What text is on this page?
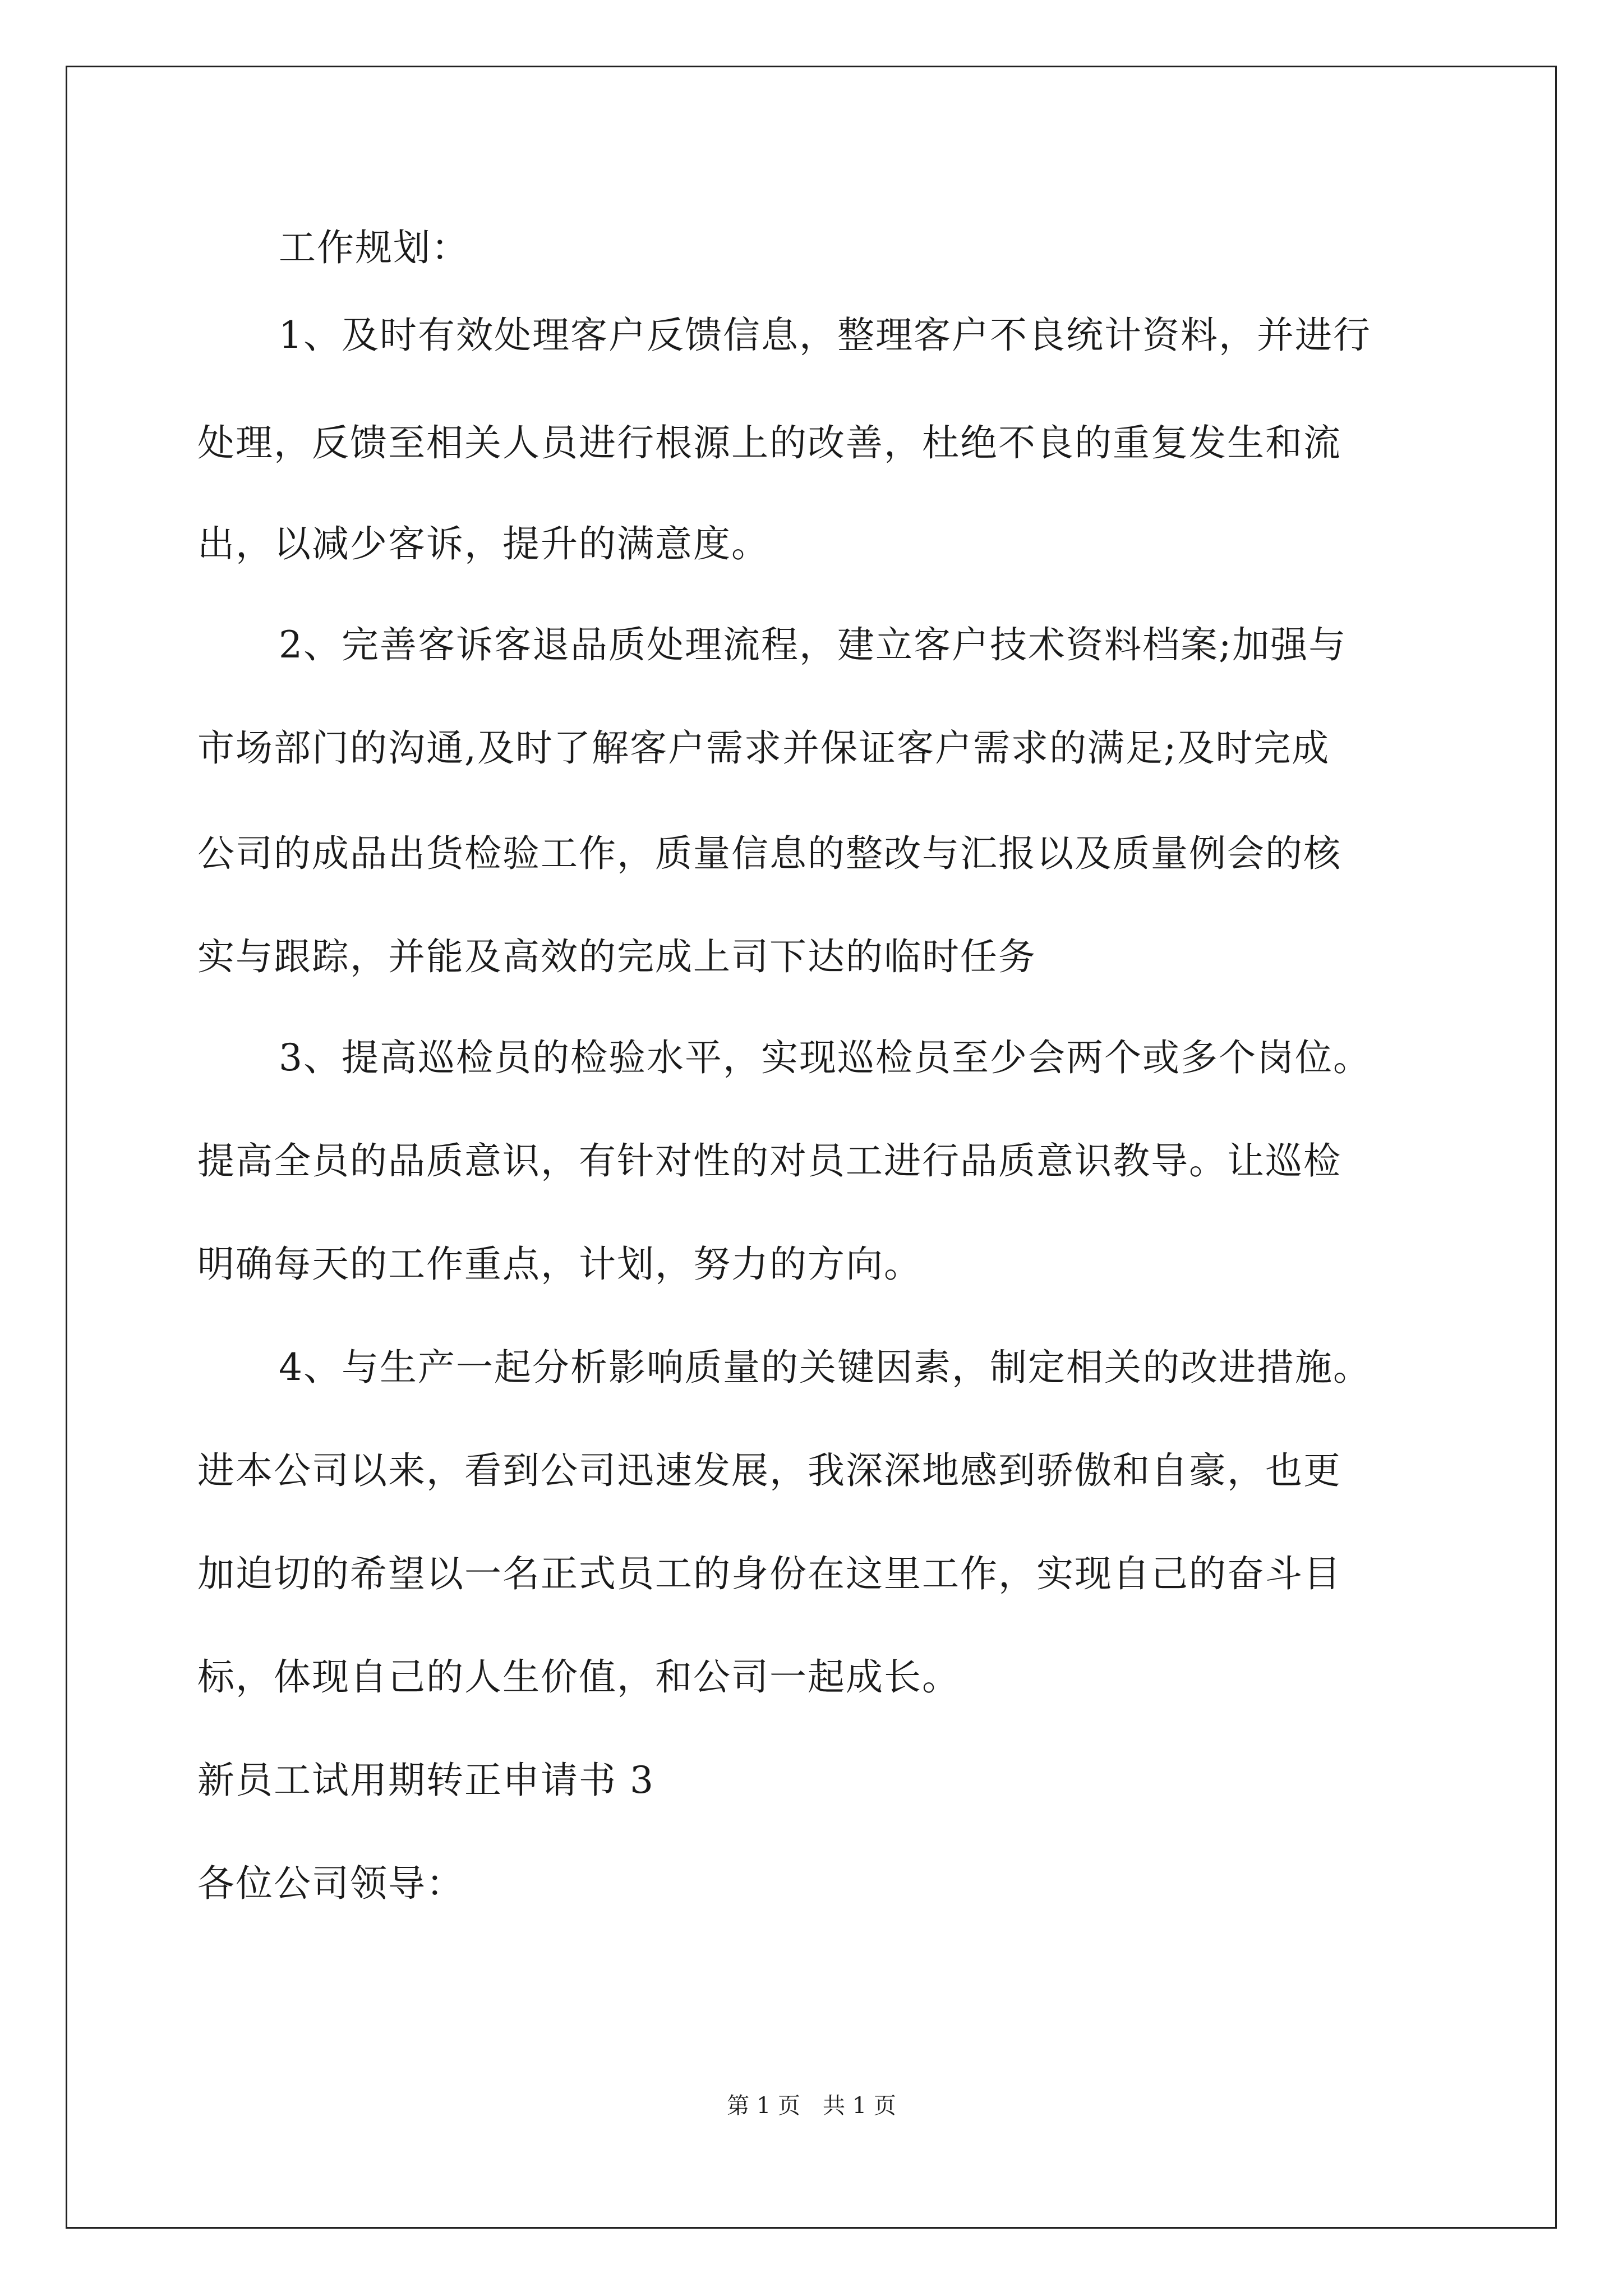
工作规划：
1、及时有效处理客户反馈信息，整理客户不良统计资料，并进行
处理，反馈至相关人员进行根源上的改善，杜绝不良的重复发生和流
出，以减少客诉，提升的满意度。
2、完善客诉客退品质处理流程，建立客户技术资料档案;加强与
市场部门的沟通,及时了解客户需求并保证客户需求的满足;及时完成
公司的成品出货检验工作，质量信息的整改与汇报以及质量例会的核
实与跟踪，并能及高效的完成上司下达的临时任务
3、提高巡检员的检验水平，实现巡检员至少会两个或多个岗位。
提高全员的品质意识，有针对性的对员工进行品质意识教导。让巡检
明确每天的工作重点，计划，努力的方向。
4、与生产一起分析影响质量的关键因素，制定相关的改进措施。
进本公司以来，看到公司迅速发展，我深深地感到骄傲和自豪，也更
加迫切的希望以一名正式员工的身份在这里工作，实现自己的奋斗目
标，体现自己的人生价值，和公司一起成长。
新员工试用期转正申请书 3
各位公司领导：
第 1 页　共 1 页
